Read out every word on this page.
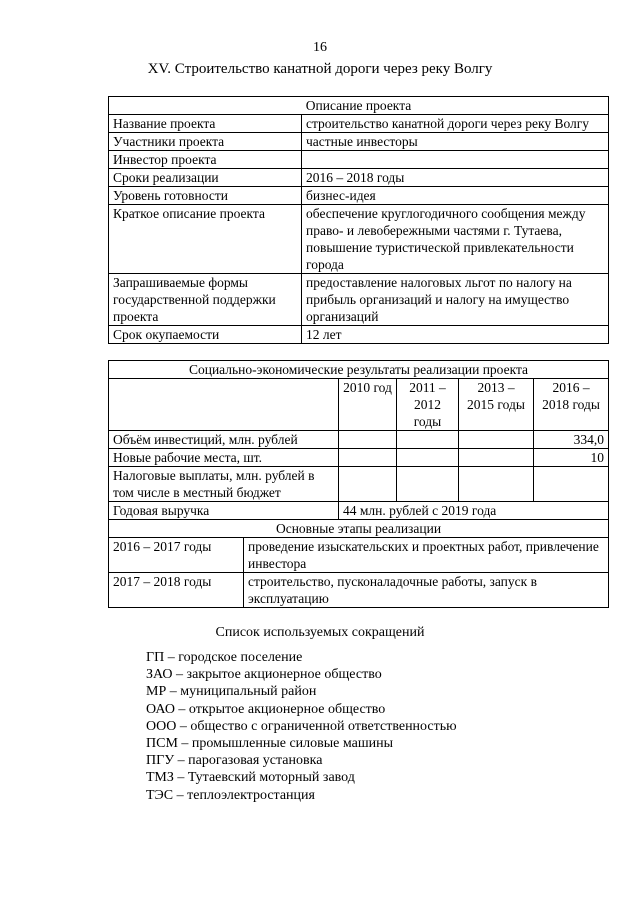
16
XV. Строительство канатной дороги через реку Волгу
Описание проекта	
Название проекта	строительство канатной дороги через реку Волгу
Участники проекта	частные инвесторы
Инвестор проекта	
Сроки реализации	2016 – 2018 годы
Уровень готовности	бизнес-идея
Краткое описание проекта	обеспечение круглогодичного сообщения между право- и левобережными частями г. Тутаева, повышение туристической привлекательности города
Запрашиваемые формы государственной поддержки проекта	предоставление налоговых льгот по налогу на прибыль организаций и налогу на имущество организаций
Срок окупаемости	12 лет
Социально-экономические результаты реализации проекта				
	2010 год	2011 – 2012 годы	2013 – 2015 годы	2016 – 2018 годы
Объём инвестиций, млн. рублей				334,0
Новые рабочие места, шт.				10
Налоговые выплаты, млн. рублей в том числе в местный бюджет				
Годовая выручка	44 млн. рублей с 2019 года			
Основные этапы реализации	
2016 – 2017 годы	проведение изыскательских и проектных работ, привлечение инвестора
2017 – 2018 годы	строительство, пусконаладочные работы, запуск в эксплуатацию
Список используемых сокращений
ГП – городское поселение
ЗАО – закрытое акционерное общество
МР – муниципальный район
ОАО – открытое акционерное общество
ООО – общество с ограниченной ответственностью
ПСМ – промышленные силовые машины
ПГУ – парогазовая установка
ТМЗ – Тутаевский моторный завод
ТЭС – теплоэлектростанция
